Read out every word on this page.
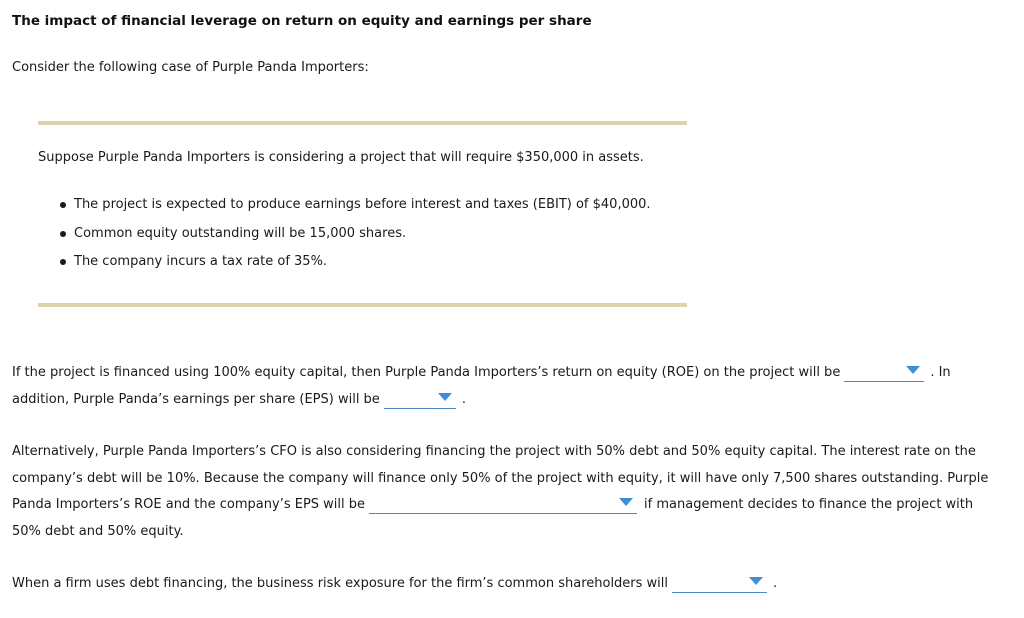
The impact of financial leverage on return on equity and earnings per share
Consider the following case of Purple Panda Importers:
Suppose Purple Panda Importers is considering a project that will require $350,000 in assets.
The project is expected to produce earnings before interest and taxes (EBIT) of $40,000.
Common equity outstanding will be 15,000 shares.
The company incurs a tax rate of 35%.
If the project is financed using 100% equity capital, then Purple Panda Importers’s return on equity (ROE) on the project will be	. In
addition, Purple Panda’s earnings per share (EPS) will be	.
Alternatively, Purple Panda Importers’s CFO is also considering financing the project with 50% debt and 50% equity capital. The interest rate on the
company’s debt will be 10%. Because the company will finance only 50% of the project with equity, it will have only 7,500 shares outstanding. Purple
Panda Importers’s ROE and the company’s EPS will be	if management decides to finance the project with
50% debt and 50% equity.
When a firm uses debt financing, the business risk exposure for the firm’s common shareholders will	.
